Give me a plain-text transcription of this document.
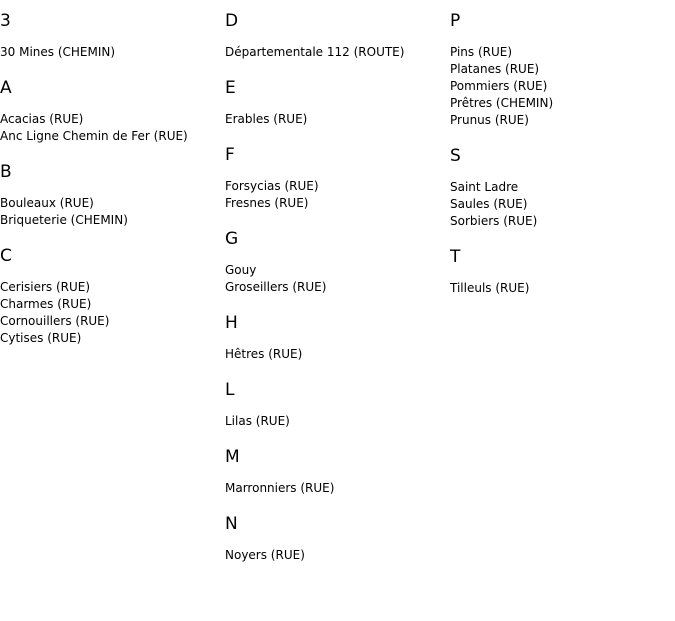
3
30 Mines (CHEMIN)
A
Acacias (RUE)
Anc Ligne Chemin de Fer (RUE)
B
Bouleaux (RUE)
Briqueterie (CHEMIN)
C
Cerisiers (RUE)
Charmes (RUE)
Cornouillers (RUE)
Cytises (RUE)
D
Départementale 112 (ROUTE)
E
Erables (RUE)
F
Forsycias (RUE)
Fresnes (RUE)
G
Gouy
Groseillers (RUE)
H
Hêtres (RUE)
L
Lilas (RUE)
M
Marronniers (RUE)
N
Noyers (RUE)
P
Pins (RUE)
Platanes (RUE)
Pommiers (RUE)
Prêtres (CHEMIN)
Prunus (RUE)
S
Saint Ladre
Saules (RUE)
Sorbiers (RUE)
T
Tilleuls (RUE)
